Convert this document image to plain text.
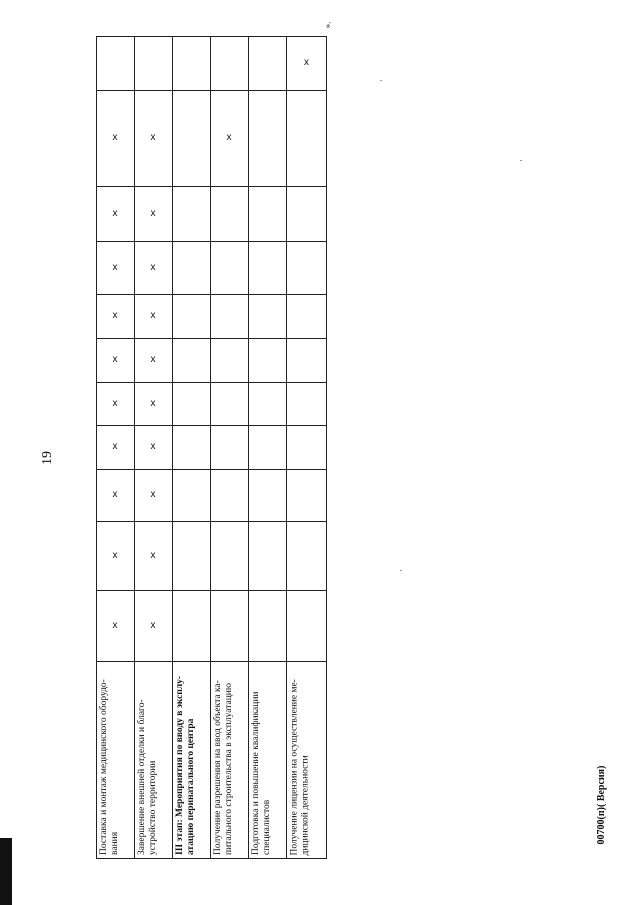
19
».
Поставка и монтаж медицинского оборудо-вания
x
x
x
x
x
x
x
x
x
x
Завершение внешней отделки и благо-устройство территории
x
x
x
x
x
x
x
x
x
x
III этап: Мероприятия по вводу в эксплу-атацию перинатального центра	Получение разрешения на ввод объекта ка-питального строительства в эксплуатацию
x
Подготовка и повышение квалификации специалистов	Получение лицензии на осуществление ме-дицинской деятельности
x
00700(п)( Версия)
